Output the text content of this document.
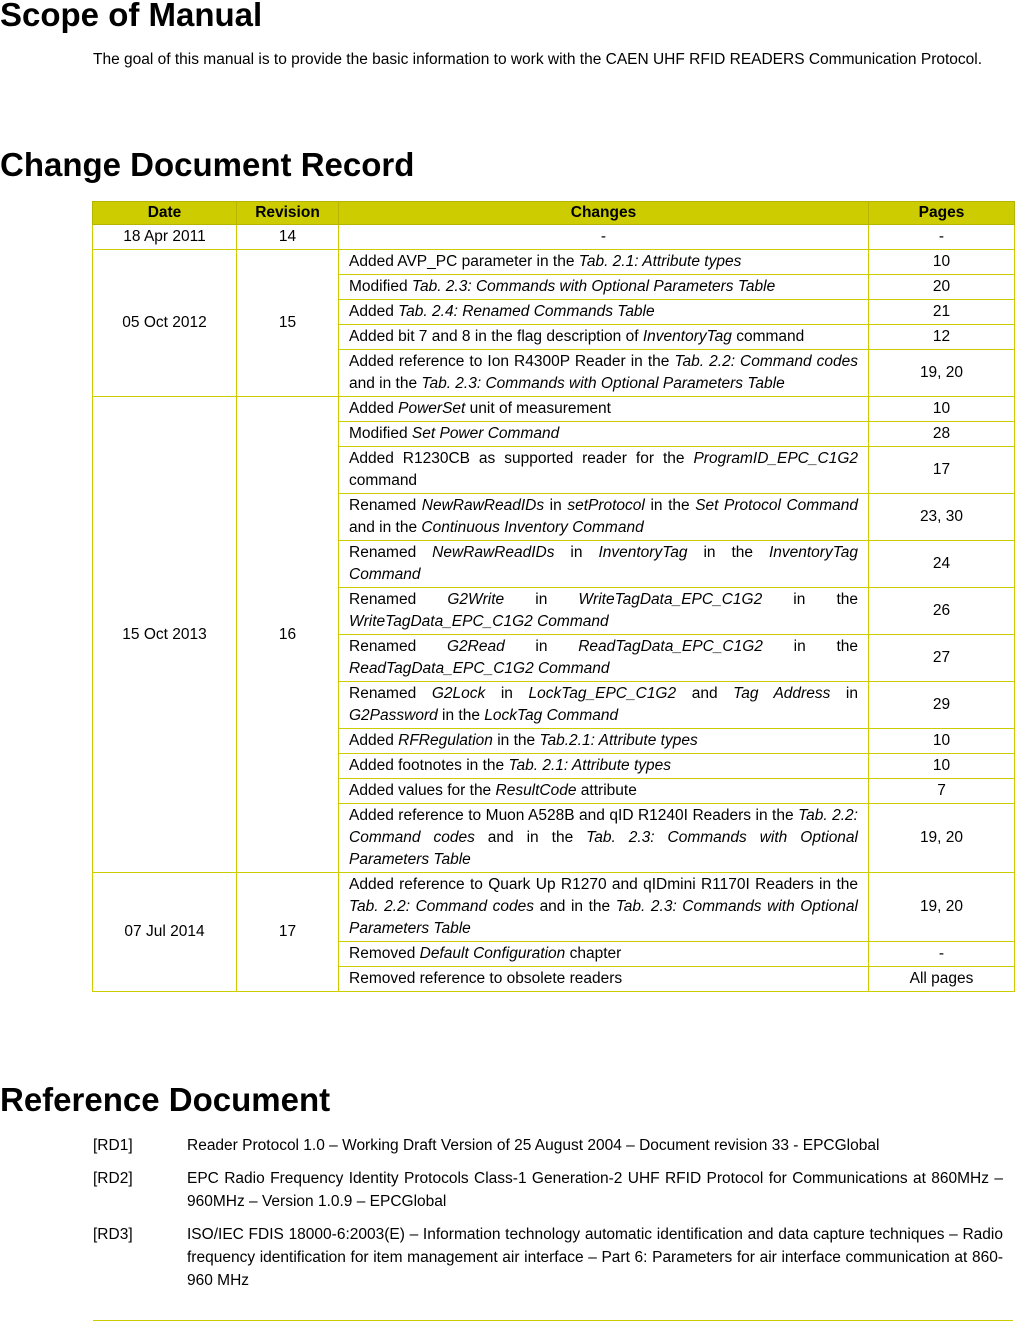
Scope of Manual
The goal of this manual is to provide the basic information to work with the CAEN UHF RFID READERS Communication Protocol.
Change Document Record
Date	Revision	Changes	Pages
18 Apr 2011	14	-	-
05 Oct 2012	15	Added AVP_PC parameter in the Tab. 2.1: Attribute types	10
		Modified Tab. 2.3: Commands with Optional Parameters Table	20
		Added Tab. 2.4: Renamed Commands Table	21
		Added bit 7 and 8 in the flag description of InventoryTag command	12
		Added reference to Ion R4300P Reader in the Tab. 2.2: Command codes and in the Tab. 2.3: Commands with Optional Parameters Table	19, 20
15 Oct 2013	16	Added PowerSet unit of measurement	10
		Modified Set Power Command	28
		Added R1230CB as supported reader for the ProgramID_EPC_C1G2 command	17
		Renamed NewRawReadIDs in setProtocol in the Set Protocol Command and in the Continuous Inventory Command	23, 30
		Renamed NewRawReadIDs in InventoryTag in the InventoryTag Command	24
		Renamed G2Write in WriteTagData_EPC_C1G2 in the WriteTagData_EPC_C1G2 Command	26
		Renamed G2Read in ReadTagData_EPC_C1G2 in the ReadTagData_EPC_C1G2 Command	27
		Renamed G2Lock in LockTag_EPC_C1G2 and Tag Address in G2Password in the LockTag Command	29
		Added RFRegulation in the Tab.2.1: Attribute types	10
		Added footnotes in the Tab. 2.1: Attribute types	10
		Added values for the ResultCode attribute	7
		Added reference to Muon A528B and qID R1240I Readers in the Tab. 2.2: Command codes and in the Tab. 2.3: Commands with Optional Parameters Table	19, 20
07 Jul 2014	17	Added reference to Quark Up R1270 and qIDmini R1170I Readers in the Tab. 2.2: Command codes and in the Tab. 2.3: Commands with Optional Parameters Table	19, 20
		Removed Default Configuration chapter	-
		Removed reference to obsolete readers	All pages
Reference Document
[RD1]	Reader Protocol 1.0 – Working Draft Version of 25 August 2004 – Document revision 33 - EPCGlobal
[RD2]	EPC Radio Frequency Identity Protocols Class-1 Generation-2 UHF RFID Protocol for Communications at 860MHz – 960MHz – Version 1.0.9 – EPCGlobal
[RD3]	ISO/IEC FDIS 18000-6:2003(E) – Information technology automatic identification and data capture techniques – Radio frequency identification for item management air interface – Part 6: Parameters for air interface communication at 860-960 MHz
